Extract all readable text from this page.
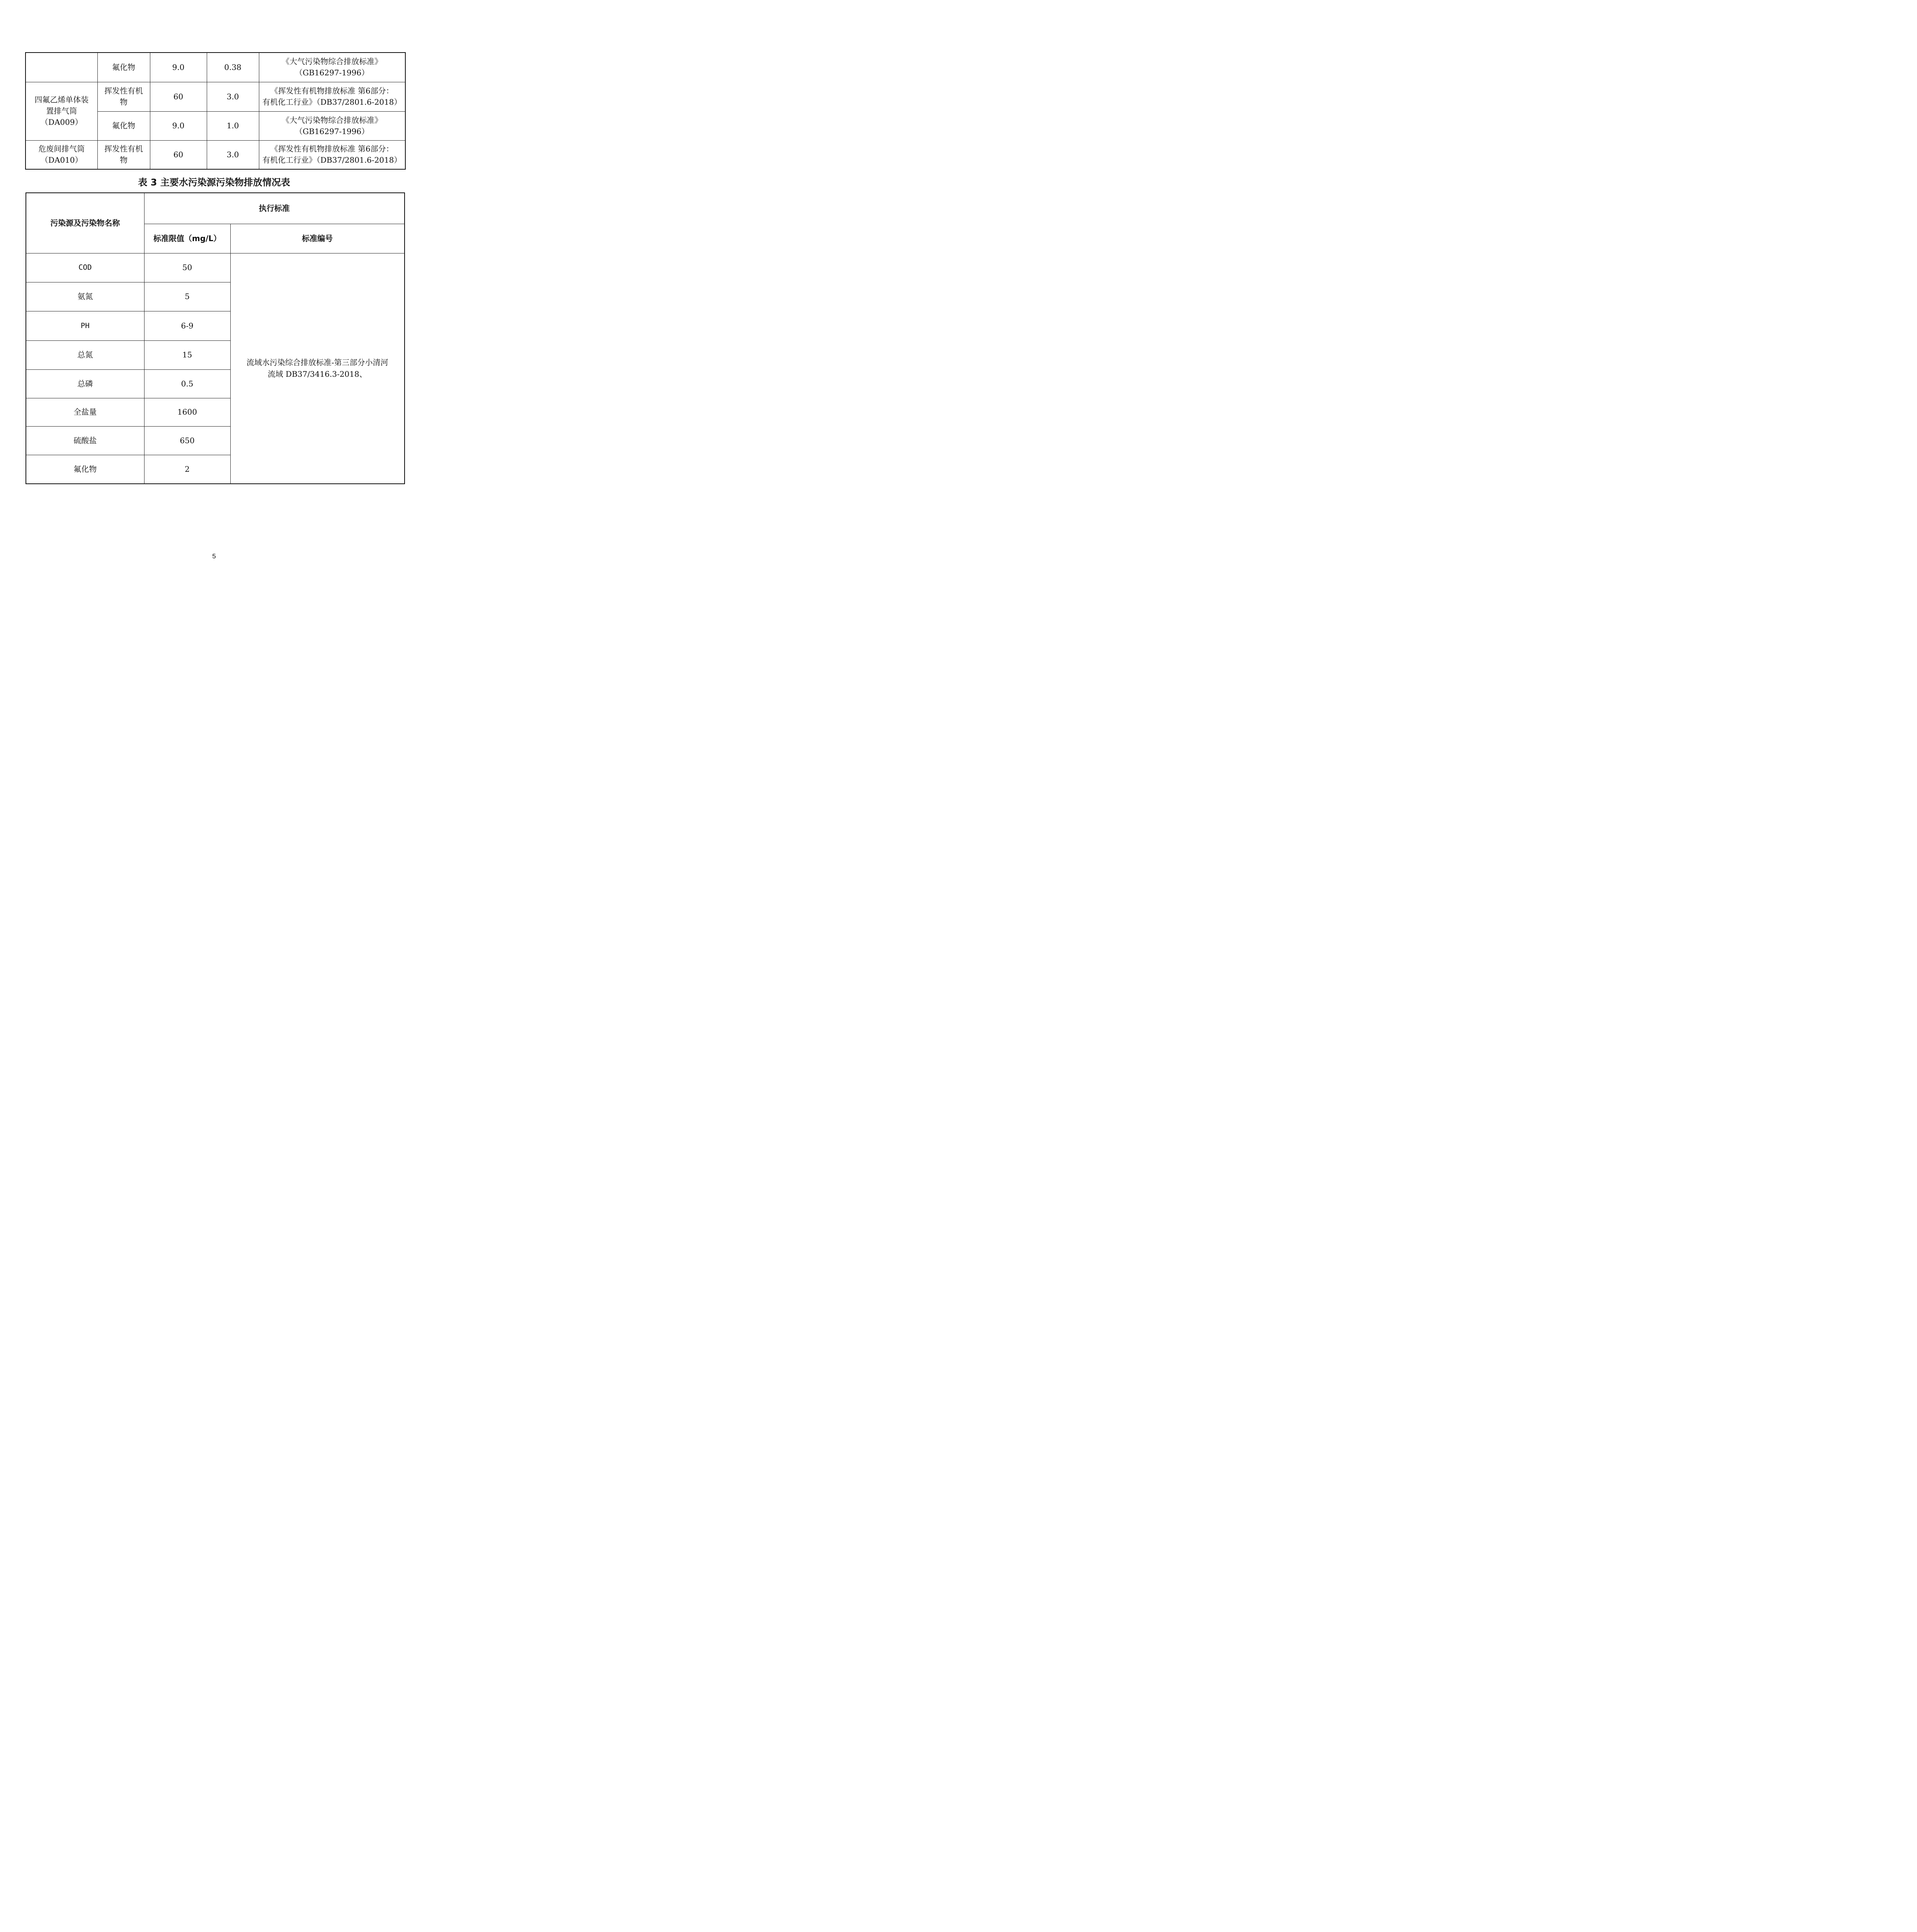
	氟化物	9.0	0.38	《大气污染物综合排放标准》
（GB16297-1996）
四氟乙烯单体装
置排气筒
（DA009）	挥发性有机
物	60	3.0	《挥发性有机物排放标准 第6部分：
有机化工行业》（DB37/2801.6-2018）
	氟化物	9.0	1.0	《大气污染物综合排放标准》
（GB16297-1996）
危废间排气筒
（DA010）	挥发性有机
物	60	3.0	《挥发性有机物排放标准 第6部分：
有机化工行业》（DB37/2801.6-2018）
表 3 主要水污染源污染物排放情况表
污染源及污染物名称	执行标准	
	标准限值（mg/L）	标准编号
COD	50	流域水污染综合排放标准-第三部分小清河
流域 DB37/3416.3-2018、
氨氮	5	
PH	6-9	
总氮	15	
总磷	0.5	
全盐量	1600	
硫酸盐	650	
氟化物	2	
5
